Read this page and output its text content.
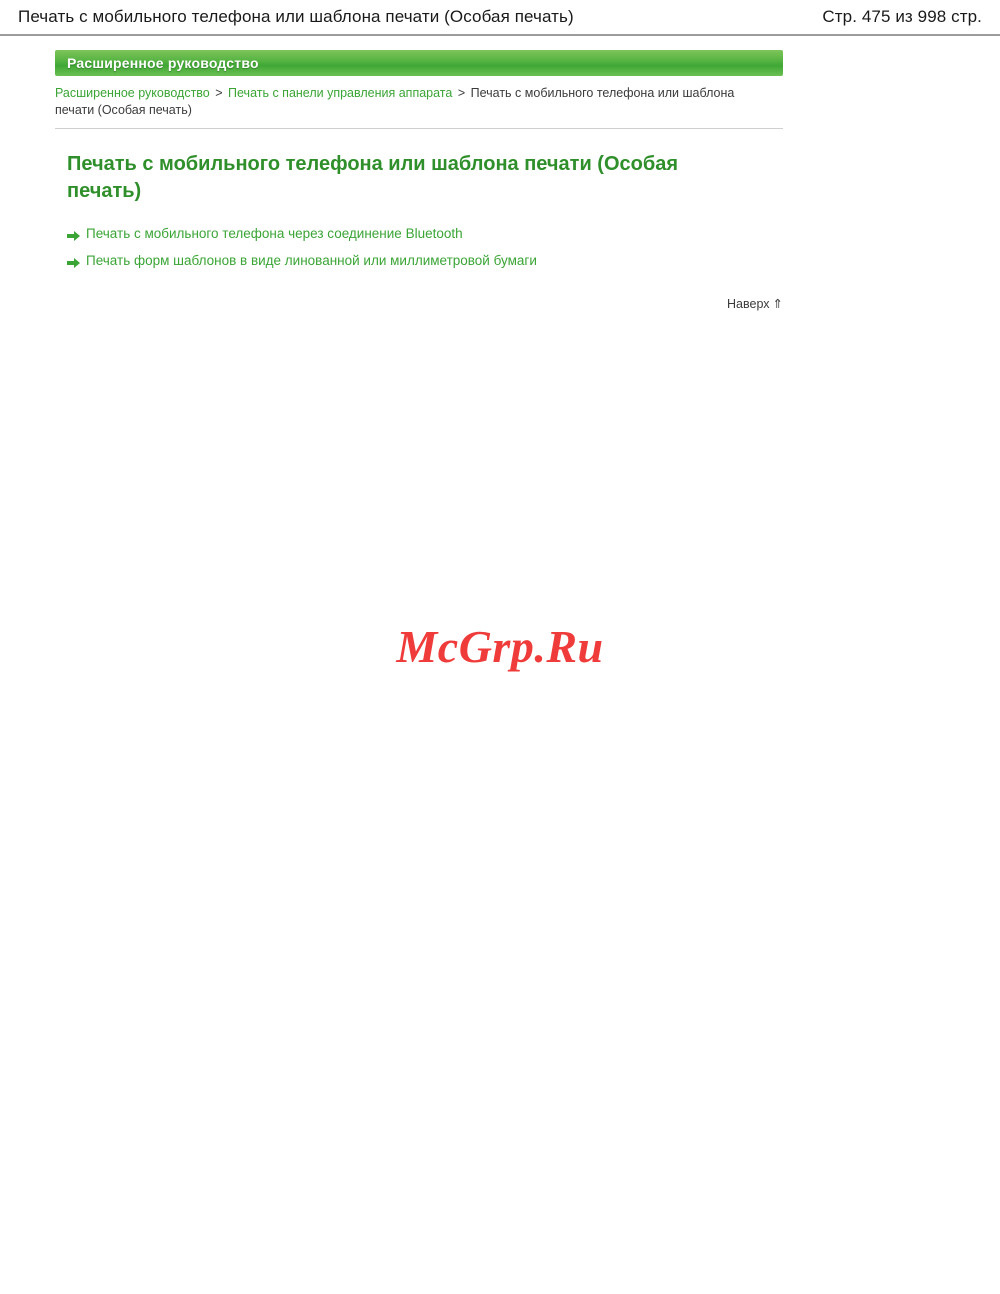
Печать с мобильного телефона или шаблона печати (Особая печать)	Стр. 475 из 998 стр.
Расширенное руководство
Расширенное руководство > Печать с панели управления аппарата > Печать с мобильного телефона или шаблона печати (Особая печать)
Печать с мобильного телефона или шаблона печати (Особая печать)
Печать с мобильного телефона через соединение Bluetooth
Печать форм шаблонов в виде линованной или миллиметровой бумаги
Наверх ⇑
McGrp.Ru
